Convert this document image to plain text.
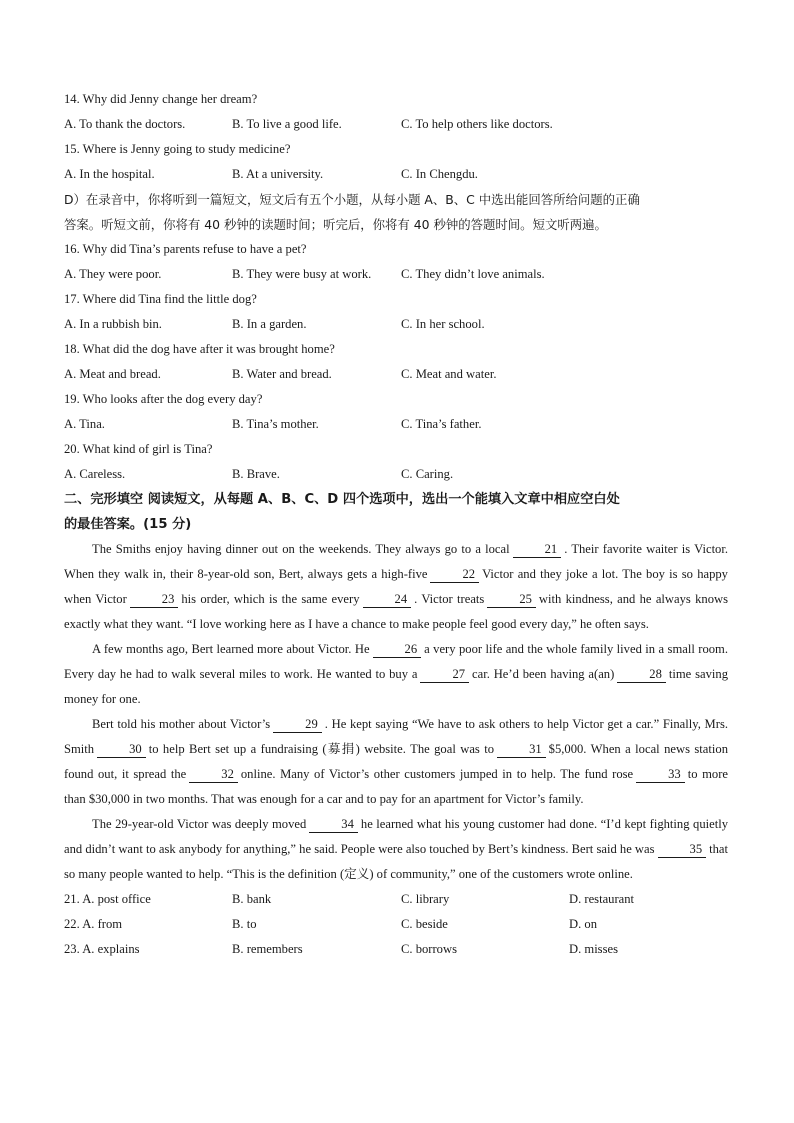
14. Why did Jenny change her dream?
A. To thank the doctors.	B. To live a good life.	C. To help others like doctors.
15. Where is Jenny going to study medicine?
A. In the hospital.	B. At a university.	C. In Chengdu.
D）在录音中，你将听到一篇短文，短文后有五个小题，从每小题 A、B、C 中选出能回答所给问题的正确
答案。听短文前，你将有 40 秒钟的读题时间；听完后，你将有 40 秒钟的答题时间。短文听两遍。
16. Why did Tina’s parents refuse to have a pet?
A. They were poor.	B. They were busy at work.	C. They didn’t love animals.
17. Where did Tina find the little dog?
A. In a rubbish bin.	B. In a garden.	C. In her school.
18. What did the dog have after it was brought home?
A. Meat and bread.	B. Water and bread.	C. Meat and water.
19. Who looks after the dog every day?
A. Tina.	B. Tina’s mother.	C. Tina’s father.
20. What kind of girl is Tina?
A. Careless.	B. Brave.	C. Caring.
二、完形填空 阅读短文，从每题 A、B、C、D 四个选项中，选出一个能填入文章中相应空白处
的最佳答案。(15 分)
The Smiths enjoy having dinner out on the weekends. They always go to a local	21 . Their favorite waiter is Victor. When they walk in, their 8-year-old son, Bert, always gets a high-five	22 Victor and they joke a lot. The boy is so happy when Victor	23 his order, which is the same every	24 . Victor treats	25 with kindness, and he always knows exactly what they want. “I love working here as I have a chance to make people feel good every day,” he often says.
A few months ago, Bert learned more about Victor. He	26 a very poor life and the whole family lived in a small room. Every day he had to walk several miles to work. He wanted to buy a	27 car. He’d been having a(an)	28 time saving money for one.
Bert told his mother about Victor’s	29 . He kept saying “We have to ask others to help Victor get a car.” Finally, Mrs. Smith	30 to help Bert set up a fundraising (募捐) website. The goal was to	31 $5,000. When a local news station found out, it spread the	32 online. Many of Victor’s other customers jumped in to help. The fund rose	33 to more than $30,000 in two months. That was enough for a car and to pay for an apartment for Victor’s family.
The 29-year-old Victor was deeply moved	34 he learned what his young customer had done. “I’d kept fighting quietly and didn’t want to ask anybody for anything,” he said. People were also touched by Bert’s kindness. Bert said he was	35 that so many people wanted to help. “This is the definition (定义) of community,” one of the customers wrote online.
21. A. post office	B. bank	C. library	D. restaurant
22. A. from	B. to	C. beside	D. on
23. A. explains	B. remembers	C. borrows	D. misses
